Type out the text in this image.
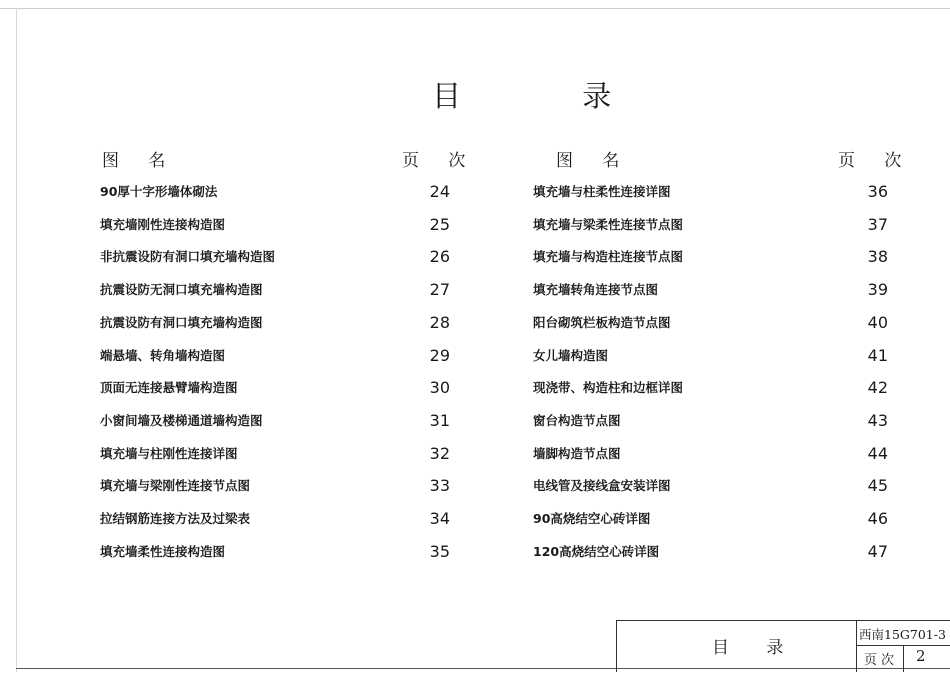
目 录
图 名	页 次	图 名	页 次
90厚十字形墙体砌法	24
填充墙刚性连接构造图	25
非抗震设防有洞口填充墙构造图	26
抗震设防无洞口填充墙构造图	27
抗震设防有洞口填充墙构造图	28
端悬墙、转角墙构造图	29
顶面无连接悬臂墙构造图	30
小窗间墙及楼梯通道墙构造图	31
填充墙与柱刚性连接详图	32
填充墙与梁刚性连接节点图	33
拉结钢筋连接方法及过梁表	34
填充墙柔性连接构造图	35
填充墙与柱柔性连接详图	36
填充墙与梁柔性连接节点图	37
填充墙与构造柱连接节点图	38
填充墙转角连接节点图	39
阳台砌筑栏板构造节点图	40
女儿墙构造图	41
现浇带、构造柱和边框详图	42
窗台构造节点图	43
墙脚构造节点图	44
电线管及接线盒安装详图	45
90高烧结空心砖详图	46
120高烧结空心砖详图	47
目 录
西南15G701-3
页次 2
